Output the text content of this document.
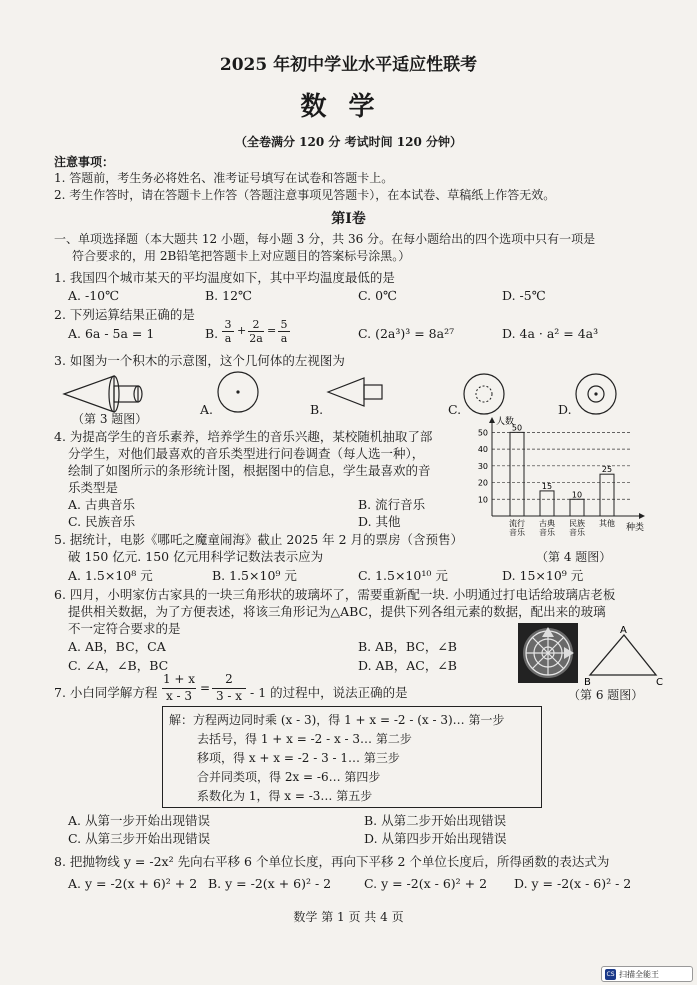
2025 年初中学业水平适应性联考
数学
（全卷满分 120 分 考试时间 120 分钟）
注意事项：
1. 答题前，考生务必将姓名、准考证号填写在试卷和答题卡上。
2. 考生作答时，请在答题卡上作答（答题注意事项见答题卡），在本试卷、草稿纸上作答无效。
第Ⅰ卷
一、单项选择题（本大题共 12 小题，每小题 3 分，共 36 分。在每小题给出的四个选项中只有一项是
符合要求的，用 2B铅笔把答题卡上对应题目的答案标号涂黑。）
1. 我国四个城市某天的平均温度如下，其中平均温度最低的是
A. -10℃	B. 12℃	C. 0℃	D. -5℃
2. 下列运算结果正确的是
A. 6a - 5a = 1	B.
3
a
+ 2
2a
= 5
a	C. (2a³)³ = 8a²⁷	D. 4a · a² = 4a³
3. 如图为一个积木的示意图，这个几何体的左视图为
（第 3 题图）
A.	B.	C.	D.
4. 为提高学生的音乐素养，培养学生的音乐兴趣，某校随机抽取了部
分学生，对他们最喜欢的音乐类型进行问卷调查（每人选一种），
绘制了如图所示的条形统计图，根据图中的信息，学生最喜欢的音
乐类型是
A. 古典音乐	B. 流行音乐
C. 民族音乐	D. 其他
10
20
30
40
50
人数
种类
50
流行
音乐
15
古典
音乐
10
民族
音乐
25
其他
（第 4 题图）
5. 据统计，电影《哪吒之魔童闹海》截止 2025 年 2 月的票房（含预售）
破 150 亿元. 150 亿元用科学记数法表示应为
A. 1.5×10⁸ 元	B. 1.5×10⁹ 元	C. 1.5×10¹⁰ 元	D. 15×10⁹ 元
6. 四月，小明家仿古家具的一块三角形状的玻璃坏了，需要重新配一块. 小明通过打电话给玻璃店老板
提供相关数据，为了方便表述，将该三角形记为△ABC，提供下列各组元素的数据，配出来的玻璃
不一定符合要求的是
A. AB，BC，CA	B. AB，BC，∠B
C. ∠A，∠B，BC	D. AB，AC，∠B
A
B	C
（第 6 题图）
7. 小白同学解方程
1 + x
x - 3
=
2
3 - x - 1 的过程中，说法正确的是
解：方程两边同时乘 (x - 3)，得 1 + x = -2 - (x - 3)… 第一步
去括号，得 1 + x = -2 - x - 3… 第二步
移项，得 x + x = -2 - 3 - 1… 第三步
合并同类项，得 2x = -6… 第四步
系数化为 1，得 x = -3… 第五步
A. 从第一步开始出现错误	B. 从第二步开始出现错误
C. 从第三步开始出现错误	D. 从第四步开始出现错误
8. 把抛物线 y = -2x² 先向右平移 6 个单位长度，再向下平移 2 个单位长度后，所得函数的表达式为
A. y = -2(x + 6)² + 2 B. y = -2(x + 6)² - 2	C. y = -2(x - 6)² + 2 D. y = -2(x - 6)² - 2
数学 第 1 页 共 4 页
CS 扫描全能王
